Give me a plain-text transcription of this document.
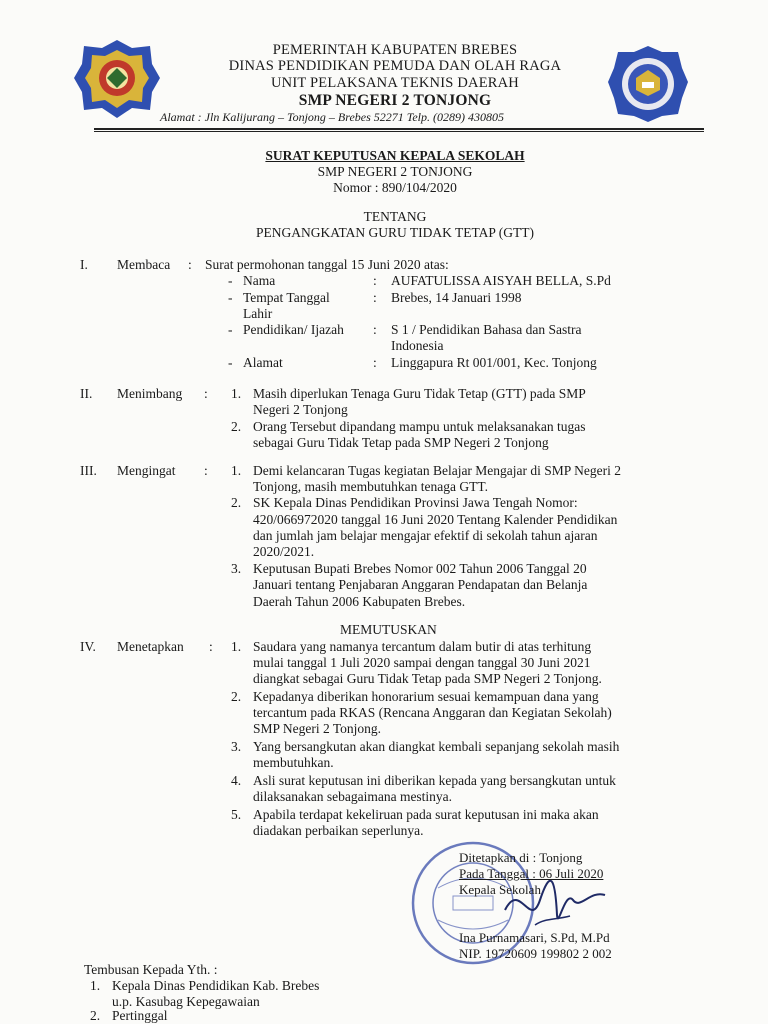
PEMERINTAH KABUPATEN BREBES
DINAS PENDIDIKAN PEMUDA DAN OLAH RAGA
UNIT PELAKSANA TEKNIS DAERAH
SMP NEGERI 2 TONJONG
Alamat : Jln Kalijurang – Tonjong – Brebes 52271 Telp. (0289) 430805
SURAT KEPUTUSAN KEPALA SEKOLAH
SMP NEGERI 2 TONJONG
Nomor : 890/104/2020
TENTANG
PENGANGKATAN GURU TIDAK TETAP (GTT)
I. Membaca : Surat permohonan tanggal 15 Juni 2020 atas:
- Nama	: AUFATULISSA AISYAH BELLA, S.Pd
- Tempat Tanggal
Lahir
: Brebes, 14 Januari 1998
- Pendidikan/ Ijazah : S 1 / Pendidikan Bahasa dan Sastra
Indonesia
- Alamat	: Linggapura Rt 001/001, Kec. Tonjong
II. Menimbang : 1. Masih diperlukan Tenaga Guru Tidak Tetap (GTT) pada SMP
Negeri 2 Tonjong
2. Orang Tersebut dipandang mampu untuk melaksanakan tugas
sebagai Guru Tidak Tetap pada SMP Negeri 2 Tonjong
III. Mengingat : 1. Demi kelancaran Tugas kegiatan Belajar Mengajar di SMP Negeri 2
Tonjong, masih membutuhkan tenaga GTT.
2. SK Kepala Dinas Pendidikan Provinsi Jawa Tengah Nomor:
420/066972020 tanggal 16 Juni 2020 Tentang Kalender Pendidikan
dan jumlah jam belajar mengajar efektif di sekolah tahun ajaran
2020/2021.
3. Keputusan Bupati Brebes Nomor 002 Tahun 2006 Tanggal 20
Januari tentang Penjabaran Anggaran Pendapatan dan Belanja
Daerah Tahun 2006 Kabupaten Brebes.
MEMUTUSKAN
IV. Menetapkan : 1. Saudara yang namanya tercantum dalam butir di atas terhitung
mulai tanggal 1 Juli 2020 sampai dengan tanggal 30 Juni 2021
diangkat sebagai Guru Tidak Tetap pada SMP Negeri 2 Tonjong.
2. Kepadanya diberikan honorarium sesuai kemampuan dana yang
tercantum pada RKAS (Rencana Anggaran dan Kegiatan Sekolah)
SMP Negeri 2 Tonjong.
3. Yang bersangkutan akan diangkat kembali sepanjang sekolah masih
membutuhkan.
4. Asli surat keputusan ini diberikan kepada yang bersangkutan untuk
dilaksanakan sebagaimana mestinya.
5. Apabila terdapat kekeliruan pada surat keputusan ini maka akan
diadakan perbaikan seperlunya.
Ditetapkan di : Tonjong
Pada Tanggal : 06 Juli 2020
Kepala Sekolah
Ina Purnamasari, S.Pd, M.Pd
NIP. 19720609 199802 2 002
Tembusan Kepada Yth. :
1. Kepala Dinas Pendidikan Kab. Brebes
u.p. Kasubag Kepegawaian
2. Pertinggal
